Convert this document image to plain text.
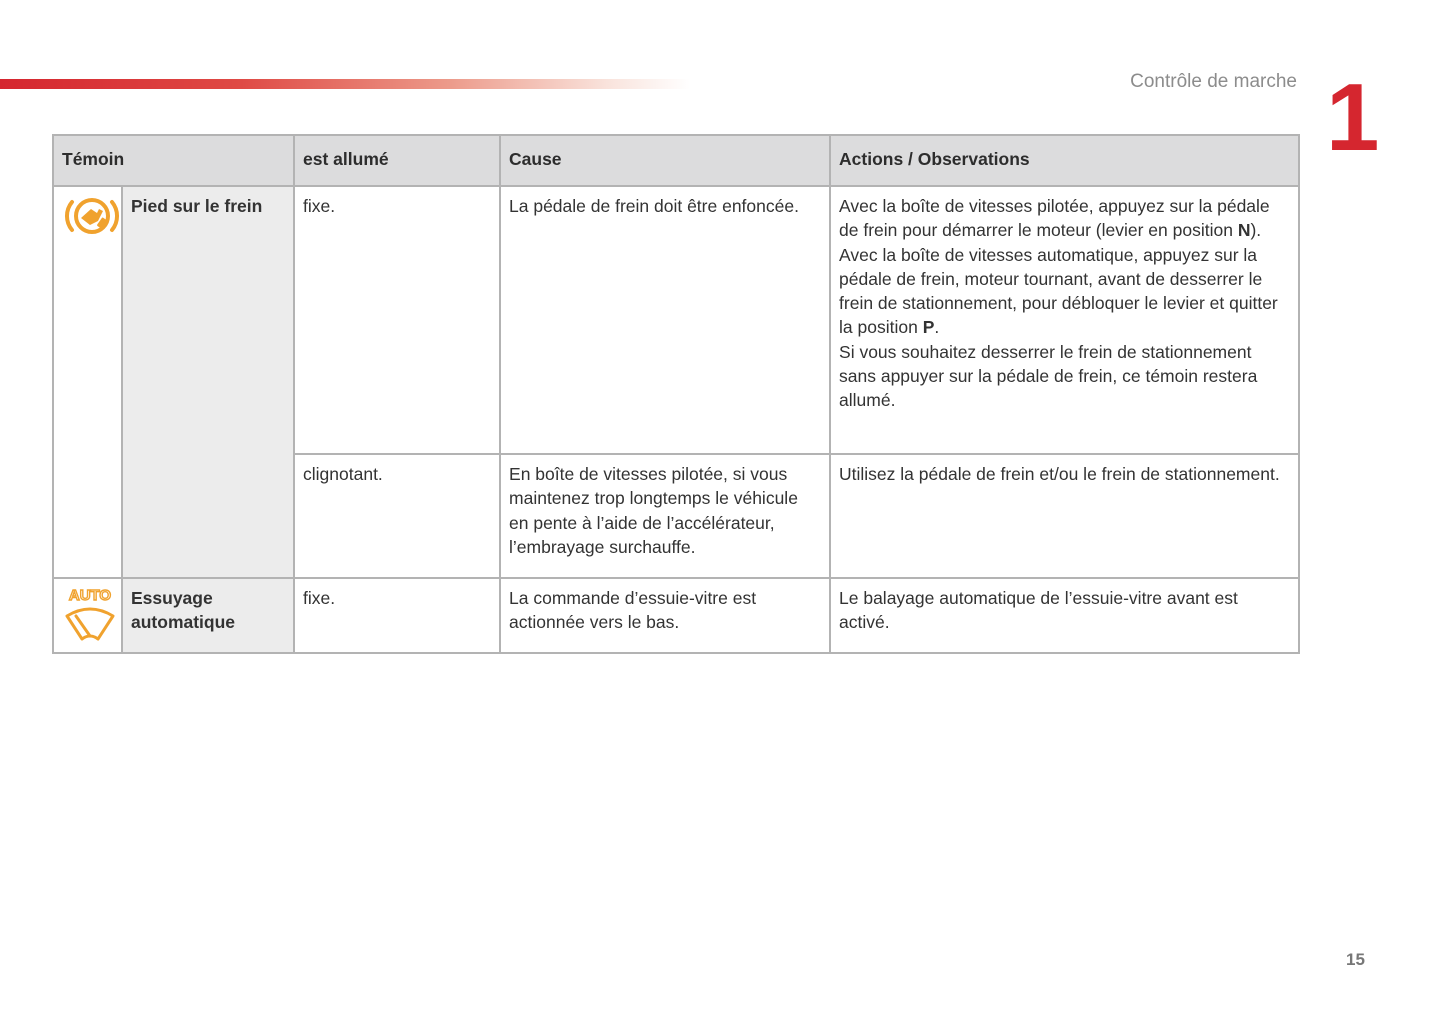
Contrôle de marche 1
Témoin		est allumé	Cause	Actions / Observations

	Pied sur le frein	fixe.	La pédale de frein doit être enfoncée.	Avec la boîte de vitesses pilotée, appuyez sur la pédale de frein pour démarrer le moteur (levier en position N).
Avec la boîte de vitesses automatique, appuyez sur la pédale de frein, moteur tournant, avant de desserrer le frein de stationnement, pour débloquer le levier et quitter la position P.
Si vous souhaitez desserrer le frein de stationnement sans appuyer sur la pédale de frein, ce témoin restera allumé.

		clignotant.	En boîte de vitesses pilotée, si vous maintenez trop longtemps le véhicule en pente à l’aide de l’accélérateur, l’embrayage surchauffe.	Utilisez la pédale de frein et/ou le frein de stationnement.

AUTO	Essuyage
automatique	fixe.	La commande d’essuie-vitre est actionnée vers le bas.	Le balayage automatique de l’essuie-vitre avant est activé.
15
